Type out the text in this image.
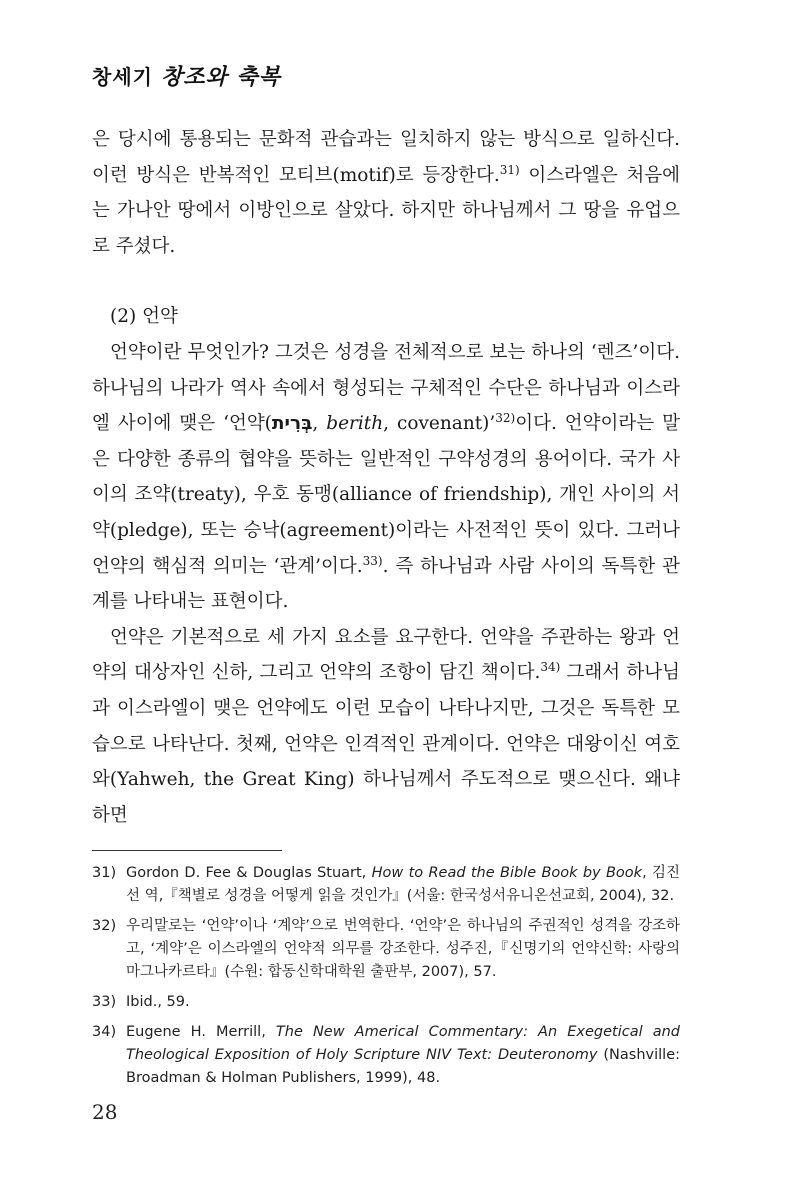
창세기 창조와 축복

은 당시에 통용되는 문화적 관습과는 일치하지 않는 방식으로 일하신다. 이런 방식은 반복적인 모티브(motif)로 등장한다.$^{31)}$ 이스라엘은 처음에는 가나안 땅에서 이방인으로 살았다. 하지만 하나님께서 그 땅을 유업으로 주셨다.

(2) 언약

언약이란 무엇인가? 그것은 성경을 전체적으로 보는 하나의 ‘렌즈’이다. 하나님의 나라가 역사 속에서 형성되는 구체적인 수단은 하나님과 이스라엘 사이에 맺은 ‘언약(בְּרִית, berith, covenant)’$^{32)}$이다. 언약이라는 말은 다양한 종류의 협약을 뜻하는 일반적인 구약성경의 용어이다. 국가 사이의 조약(treaty), 우호 동맹(alliance of friendship), 개인 사이의 서약(pledge), 또는 승낙(agreement)이라는 사전적인 뜻이 있다. 그러나 언약의 핵심적 의미는 ‘관계’이다.$^{33)}$. 즉 하나님과 사람 사이의 독특한 관계를 나타내는 표현이다.

언약은 기본적으로 세 가지 요소를 요구한다. 언약을 주관하는 왕과 언약의 대상자인 신하, 그리고 언약의 조항이 담긴 책이다.$^{34)}$ 그래서 하나님과 이스라엘이 맺은 언약에도 이런 모습이 나타나지만, 그것은 독특한 모습으로 나타난다. 첫째, 언약은 인격적인 관계이다. 언약은 대왕이신 여호와(Yahweh, the Great King) 하나님께서 주도적으로 맺으신다. 왜냐하면

31) Gordon D. Fee & Douglas Stuart, How to Read the Bible Book by Book, 김진선 역,『책별로 성경을 어떻게 읽을 것인가』(서울: 한국성서유니온선교회, 2004), 32.
32) 우리말로는 ‘언약’이나 ‘계약’으로 번역한다. ‘언약’은 하나님의 주권적인 성격을 강조하고, ‘계약’은 이스라엘의 언약적 의무를 강조한다. 성주진,『신명기의 언약신학: 사랑의 마그나카르타』(수원: 합동신학대학원 출판부, 2007), 57.
33) Ibid., 59.
34) Eugene H. Merrill, The New Americal Commentary: An Exegetical and Theological Exposition of Holy Scripture NIV Text: Deuteronomy (Nashville: Broadman & Holman Publishers, 1999), 48.
28
